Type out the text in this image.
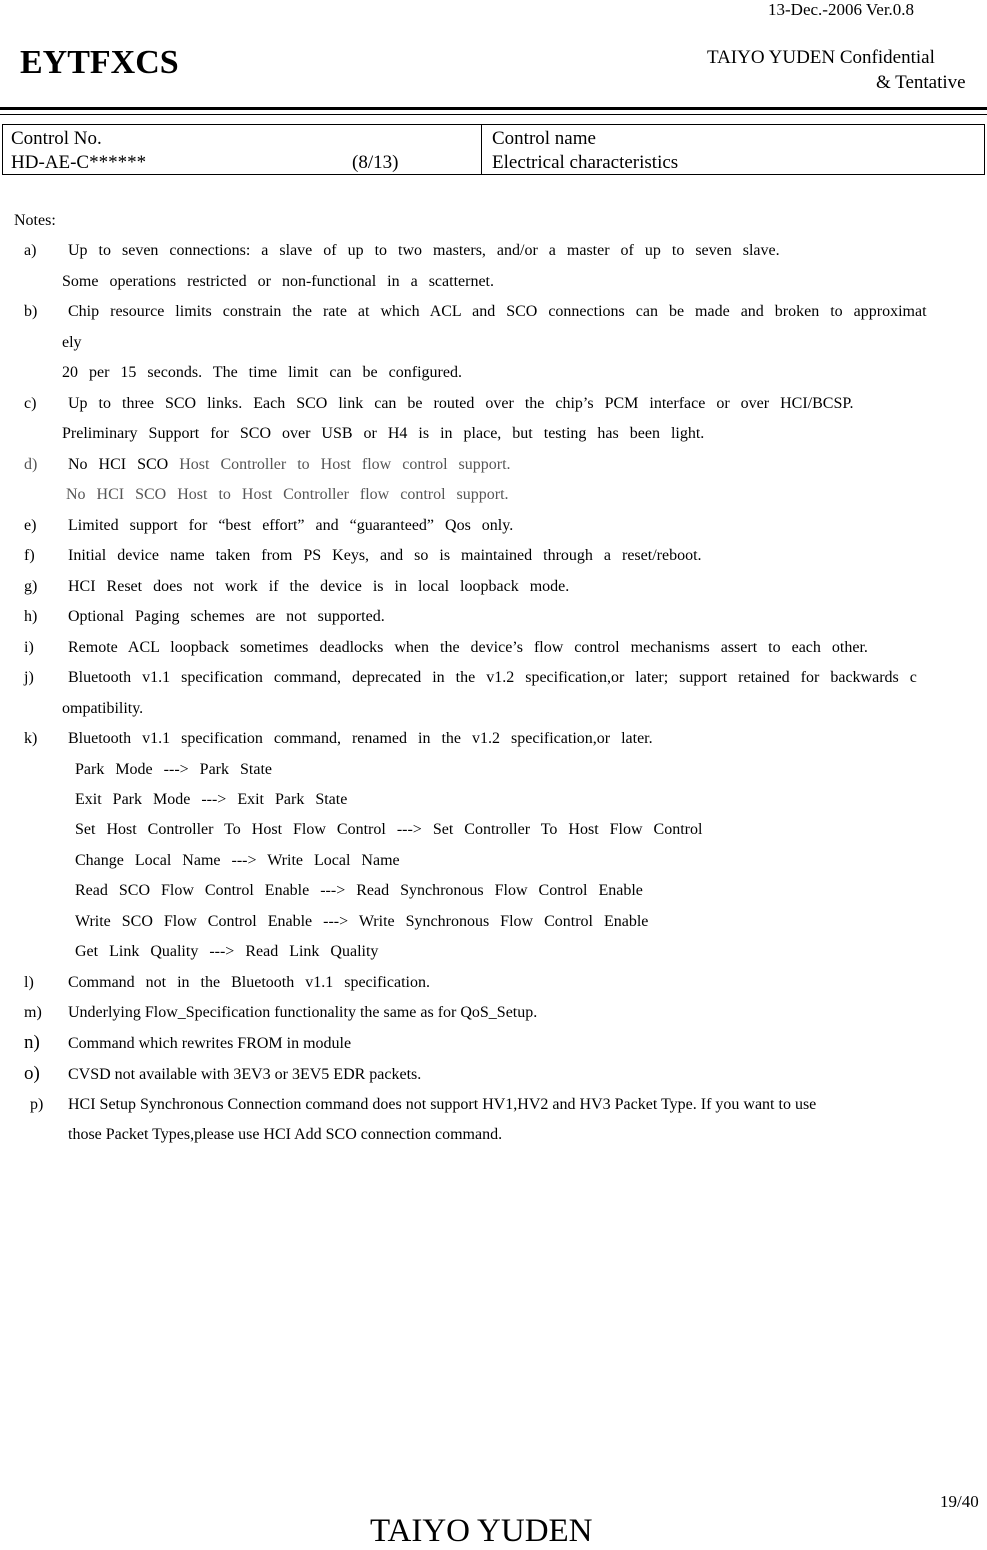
13-Dec.-2006 Ver.0.8
EYTFXCS	TAIYO YUDEN Confidential
& Tentative
Control No.
HD-AE-C******	(8/13)
Control name
Electrical characteristics
Notes:
a) Up to seven connections: a slave of up to two masters, and/or a master of up to seven slave.
Some operations restricted or non-functional in a scatternet.
b) Chip resource limits constrain the rate at which ACL and SCO connections can be made and broken to approximat
ely
20 per 15 seconds. The time limit can be configured.
c) Up to three SCO links. Each SCO link can be routed over the chip’s PCM interface or over HCI/BCSP.
Preliminary Support for SCO over USB or H4 is in place, but testing has been light.
d) No HCI SCO Host Controller to Host flow control support.
No HCI SCO Host to Host Controller flow control support.
e) Limited support for “best effort” and “guaranteed” Qos only.
f) Initial device name taken from PS Keys, and so is maintained through a reset/reboot.
g) HCI Reset does not work if the device is in local loopback mode.
h) Optional Paging schemes are not supported.
i) Remote ACL loopback sometimes deadlocks when the device’s flow control mechanisms assert to each other.
j) Bluetooth v1.1 specification command, deprecated in the v1.2 specification,or later; support retained for backwards c
ompatibility.
k) Bluetooth v1.1 specification command, renamed in the v1.2 specification,or later.
Park Mode ---> Park State
Exit Park Mode ---> Exit Park State
Set Host Controller To Host Flow Control ---> Set Controller To Host Flow Control
Change Local Name ---> Write Local Name
Read SCO Flow Control Enable ---> Read Synchronous Flow Control Enable
Write SCO Flow Control Enable ---> Write Synchronous Flow Control Enable
Get Link Quality ---> Read Link Quality
l) Command not in the Bluetooth v1.1 specification.
m) Underlying Flow_Specification functionality the same as for QoS_Setup.
n) Command which rewrites FROM in module
o) CVSD not available with 3EV3 or 3EV5 EDR packets.
p) HCI Setup Synchronous Connection command does not support HV1,HV2 and HV3 Packet Type. If you want to use
those Packet Types,please use HCI Add SCO connection command.
19/40
TAIYO YUDEN
